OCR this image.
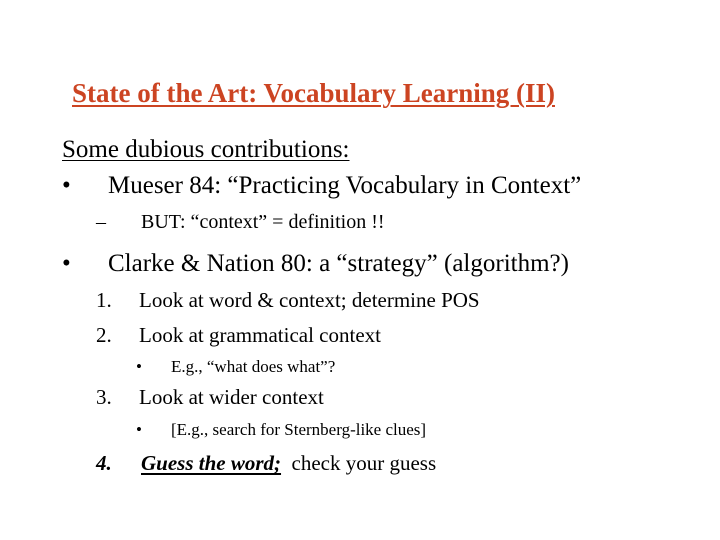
State of the Art: Vocabulary Learning (II)
Some dubious contributions:
• Mueser 84: “Practicing Vocabulary in Context”
– BUT: “context” = definition !!
• Clarke & Nation 80: a “strategy” (algorithm?)
1. Look at word & context; determine POS
2. Look at grammatical context
• E.g., “what does what”?
3. Look at wider context
• [E.g., search for Sternberg-like clues]
4. Guess the word; check your guess
